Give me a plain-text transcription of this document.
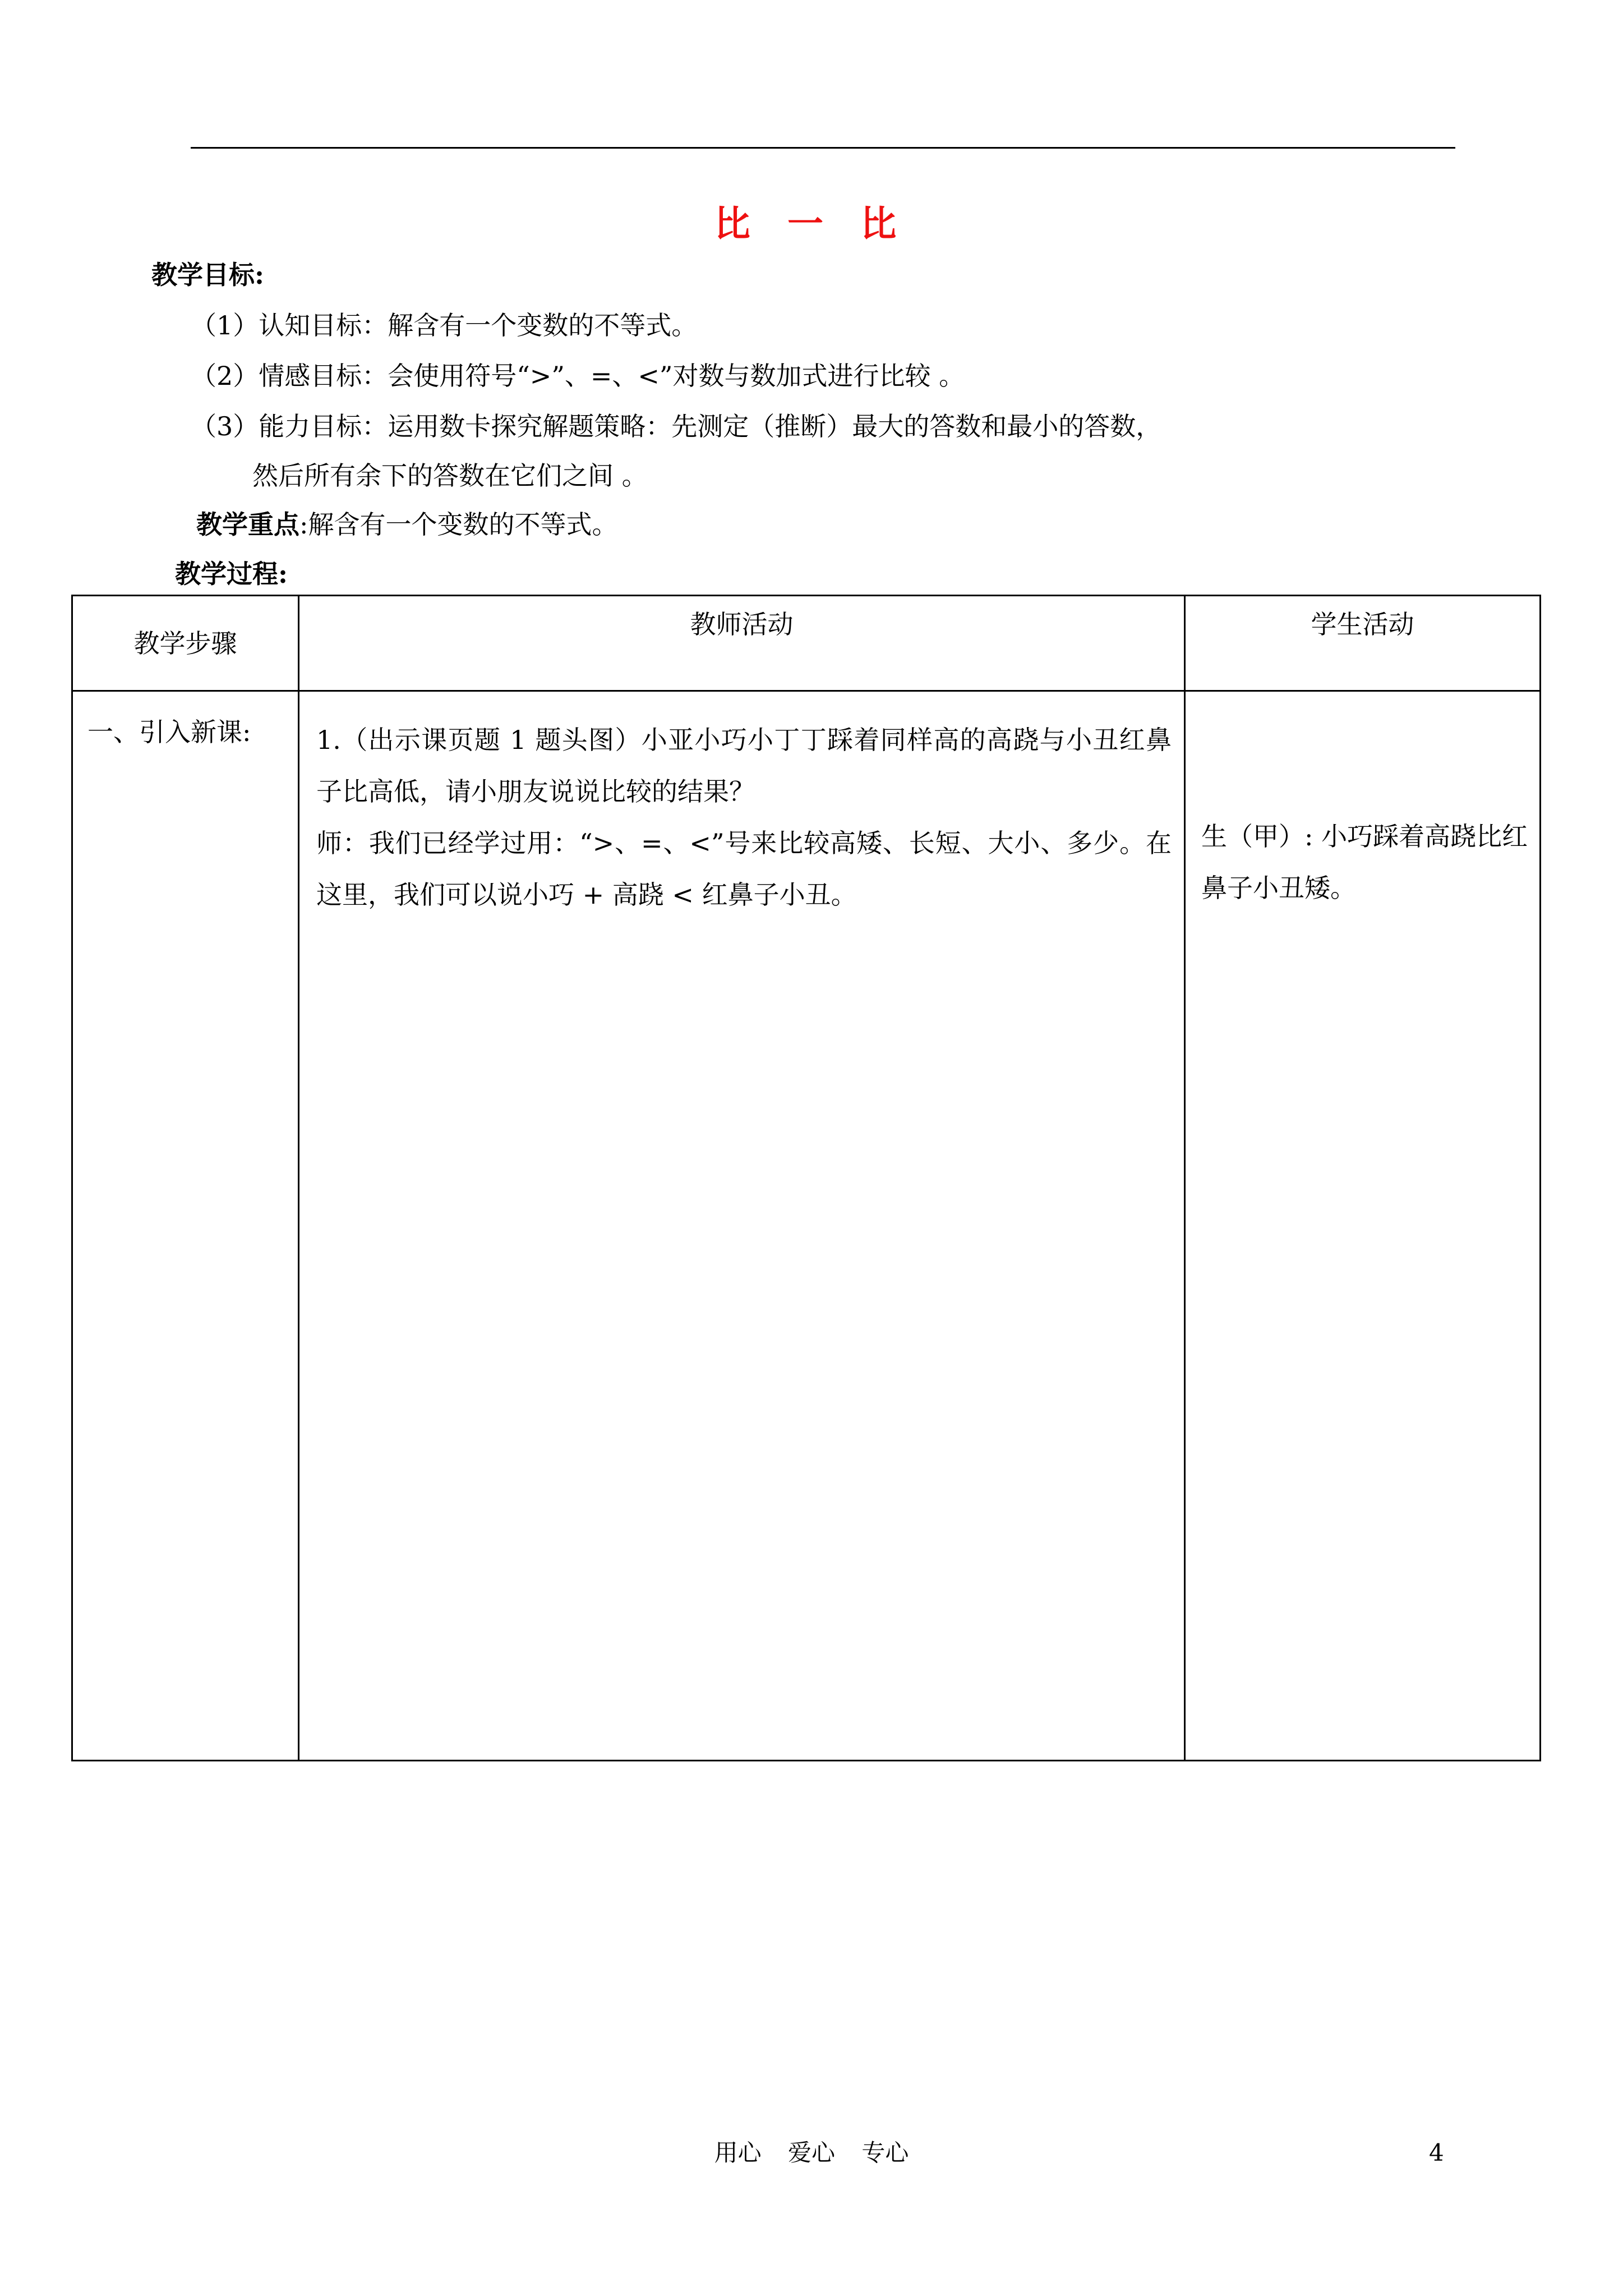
比 一 比
教学目标:
（1）认知目标：解含有一个变数的不等式。
（2）情感目标：会使用符号“>”、=、<”对数与数加式进行比较 。
（3）能力目标：运用数卡探究解题策略：先测定（推断）最大的答数和最小的答数，
然后所有余下的答数在它们之间 。
教学重点:解含有一个变数的不等式。
教学过程:
教学步骤	教师活动	学生活动
一、引入新课:	1.（出示课页题 1 题头图）小亚小巧小丁丁踩着同样高的高跷与小丑红鼻子比高低，请小朋友说说比较的结果？
师：我们已经学过用：“>、=、<”号来比较高矮、长短、大小、多少。在这里，我们可以说小巧 + 高跷 < 红鼻子小丑。	生（甲）: 小巧踩着高跷比红鼻子小丑矮。
用心 爱心 专心	4
